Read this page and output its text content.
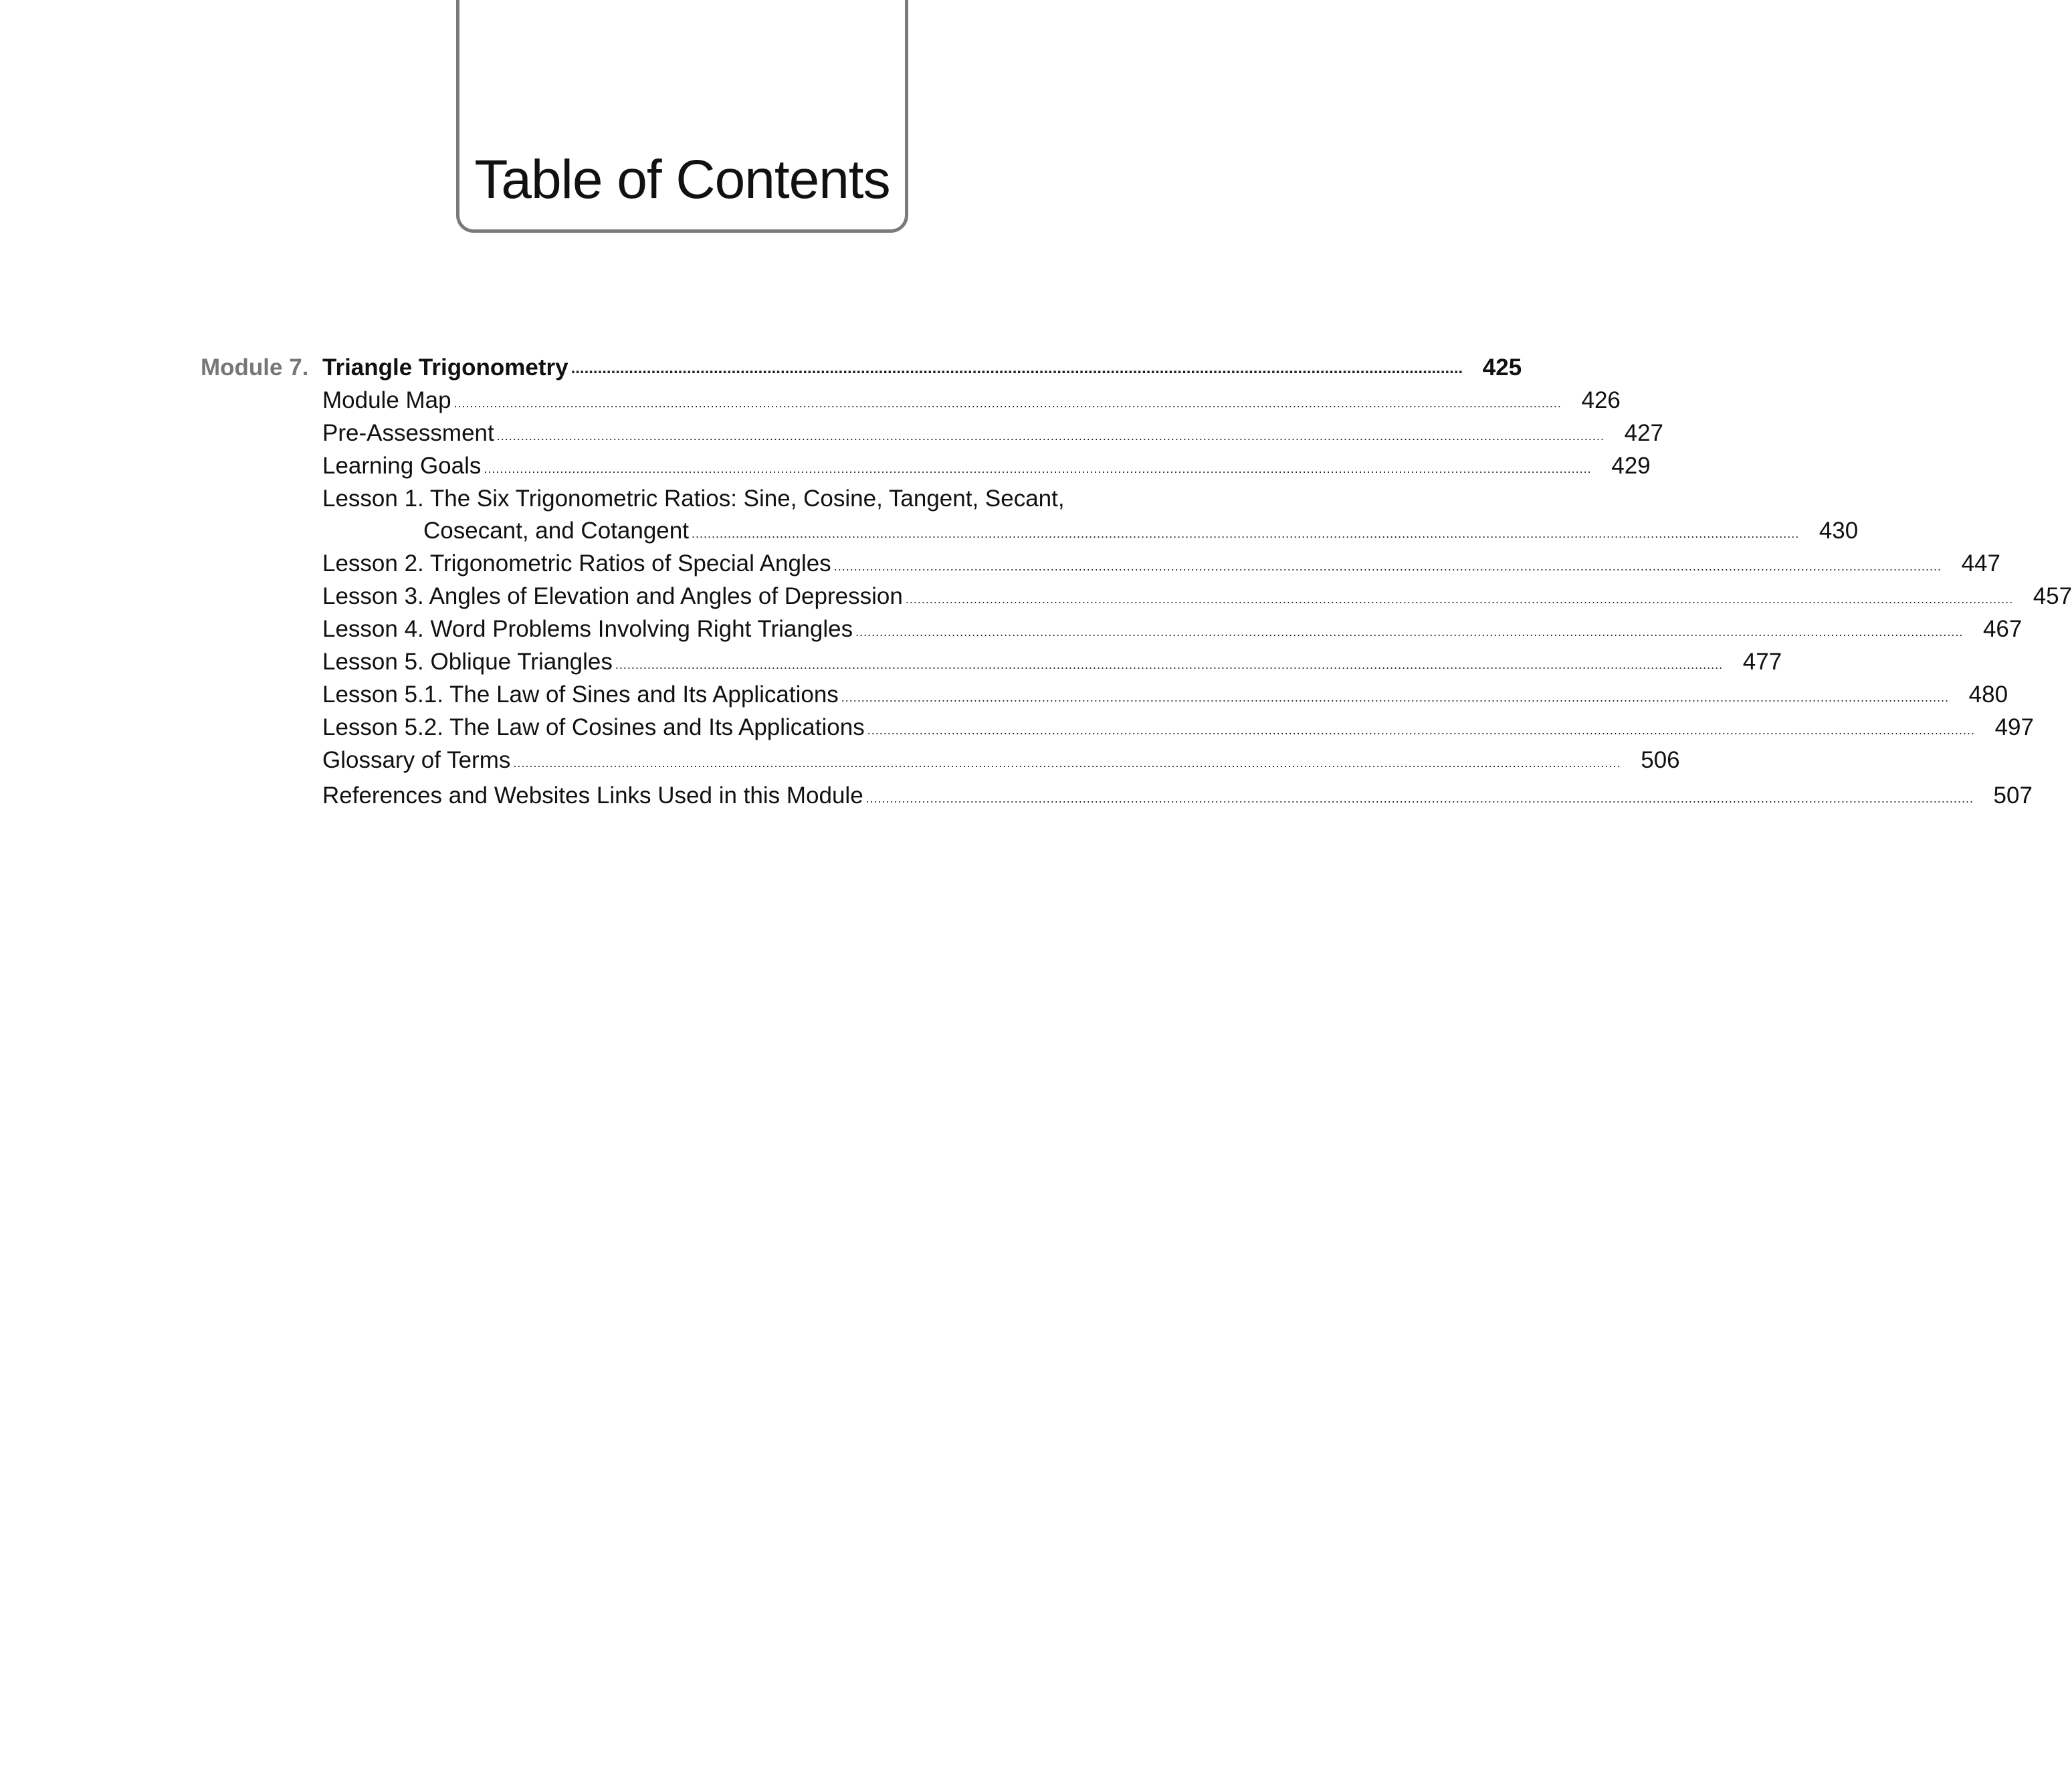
Table of Contents
Module 7. Triangle Trigonometry ........................................................................................................................................................................................................ 425
Module Map .................................................................................................................................................................................................................................................................................... 426
Pre-Assessment .................................................................................................................................................................................................................................................................................... 427
Learning Goals .................................................................................................................................................................................................................................................................................... 429
Lesson 1. The Six Trigonometric Ratios: Sine, Cosine, Tangent, Secant,
Cosecant, and Cotangent .................................................................................................................................................................................................................................................................................... 430
Lesson 2. Trigonometric Ratios of Special Angles .................................................................................................................................................................................................................................................................................... 447
Lesson 3. Angles of Elevation and Angles of Depression .................................................................................................................................................................................................................................................................................... 457
Lesson 4. Word Problems Involving Right Triangles .................................................................................................................................................................................................................................................................................... 467
Lesson 5. Oblique Triangles .................................................................................................................................................................................................................................................................................... 477
Lesson 5.1. The Law of Sines and Its Applications .................................................................................................................................................................................................................................................................................... 480
Lesson 5.2. The Law of Cosines and Its Applications .................................................................................................................................................................................................................................................................................... 497
Glossary of Terms .................................................................................................................................................................................................................................................................................... 506
References and Websites Links Used in this Module .................................................................................................................................................................................................................................................................................... 507
